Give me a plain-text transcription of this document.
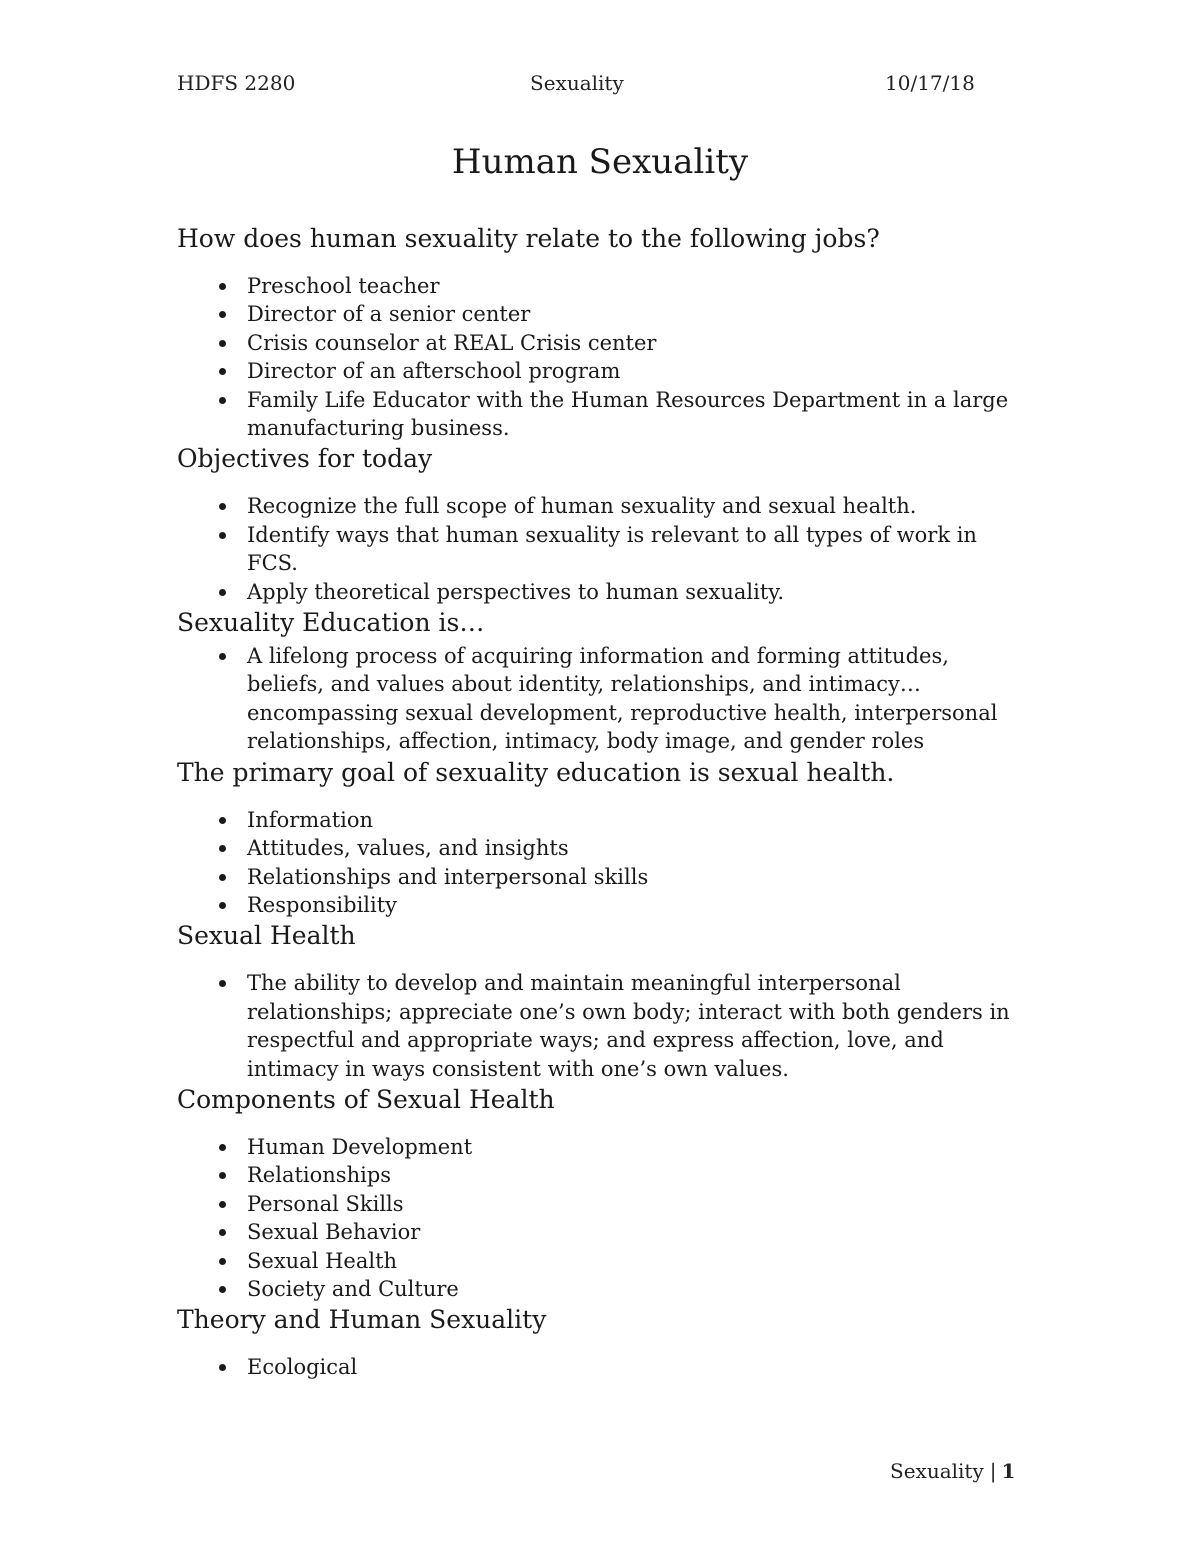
HDFS 2280	Sexuality	10/17/18
Human Sexuality
How does human sexuality relate to the following jobs?
Preschool teacher
Director of a senior center
Crisis counselor at REAL Crisis center
Director of an afterschool program
Family Life Educator with the Human Resources Department in a large manufacturing business.
Objectives for today
Recognize the full scope of human sexuality and sexual health.
Identify ways that human sexuality is relevant to all types of work in FCS.
Apply theoretical perspectives to human sexuality.
Sexuality Education is…
A lifelong process of acquiring information and forming attitudes, beliefs, and values about identity, relationships, and intimacy…encompassing sexual development, reproductive health, interpersonal relationships, affection, intimacy, body image, and gender roles
The primary goal of sexuality education is sexual health.
Information
Attitudes, values, and insights
Relationships and interpersonal skills
Responsibility
Sexual Health
The ability to develop and maintain meaningful interpersonal relationships; appreciate one’s own body; interact with both genders in respectful and appropriate ways; and express affection, love, and intimacy in ways consistent with one’s own values.
Components of Sexual Health
Human Development
Relationships
Personal Skills
Sexual Behavior
Sexual Health
Society and Culture
Theory and Human Sexuality
Ecological
Sexuality | 1
